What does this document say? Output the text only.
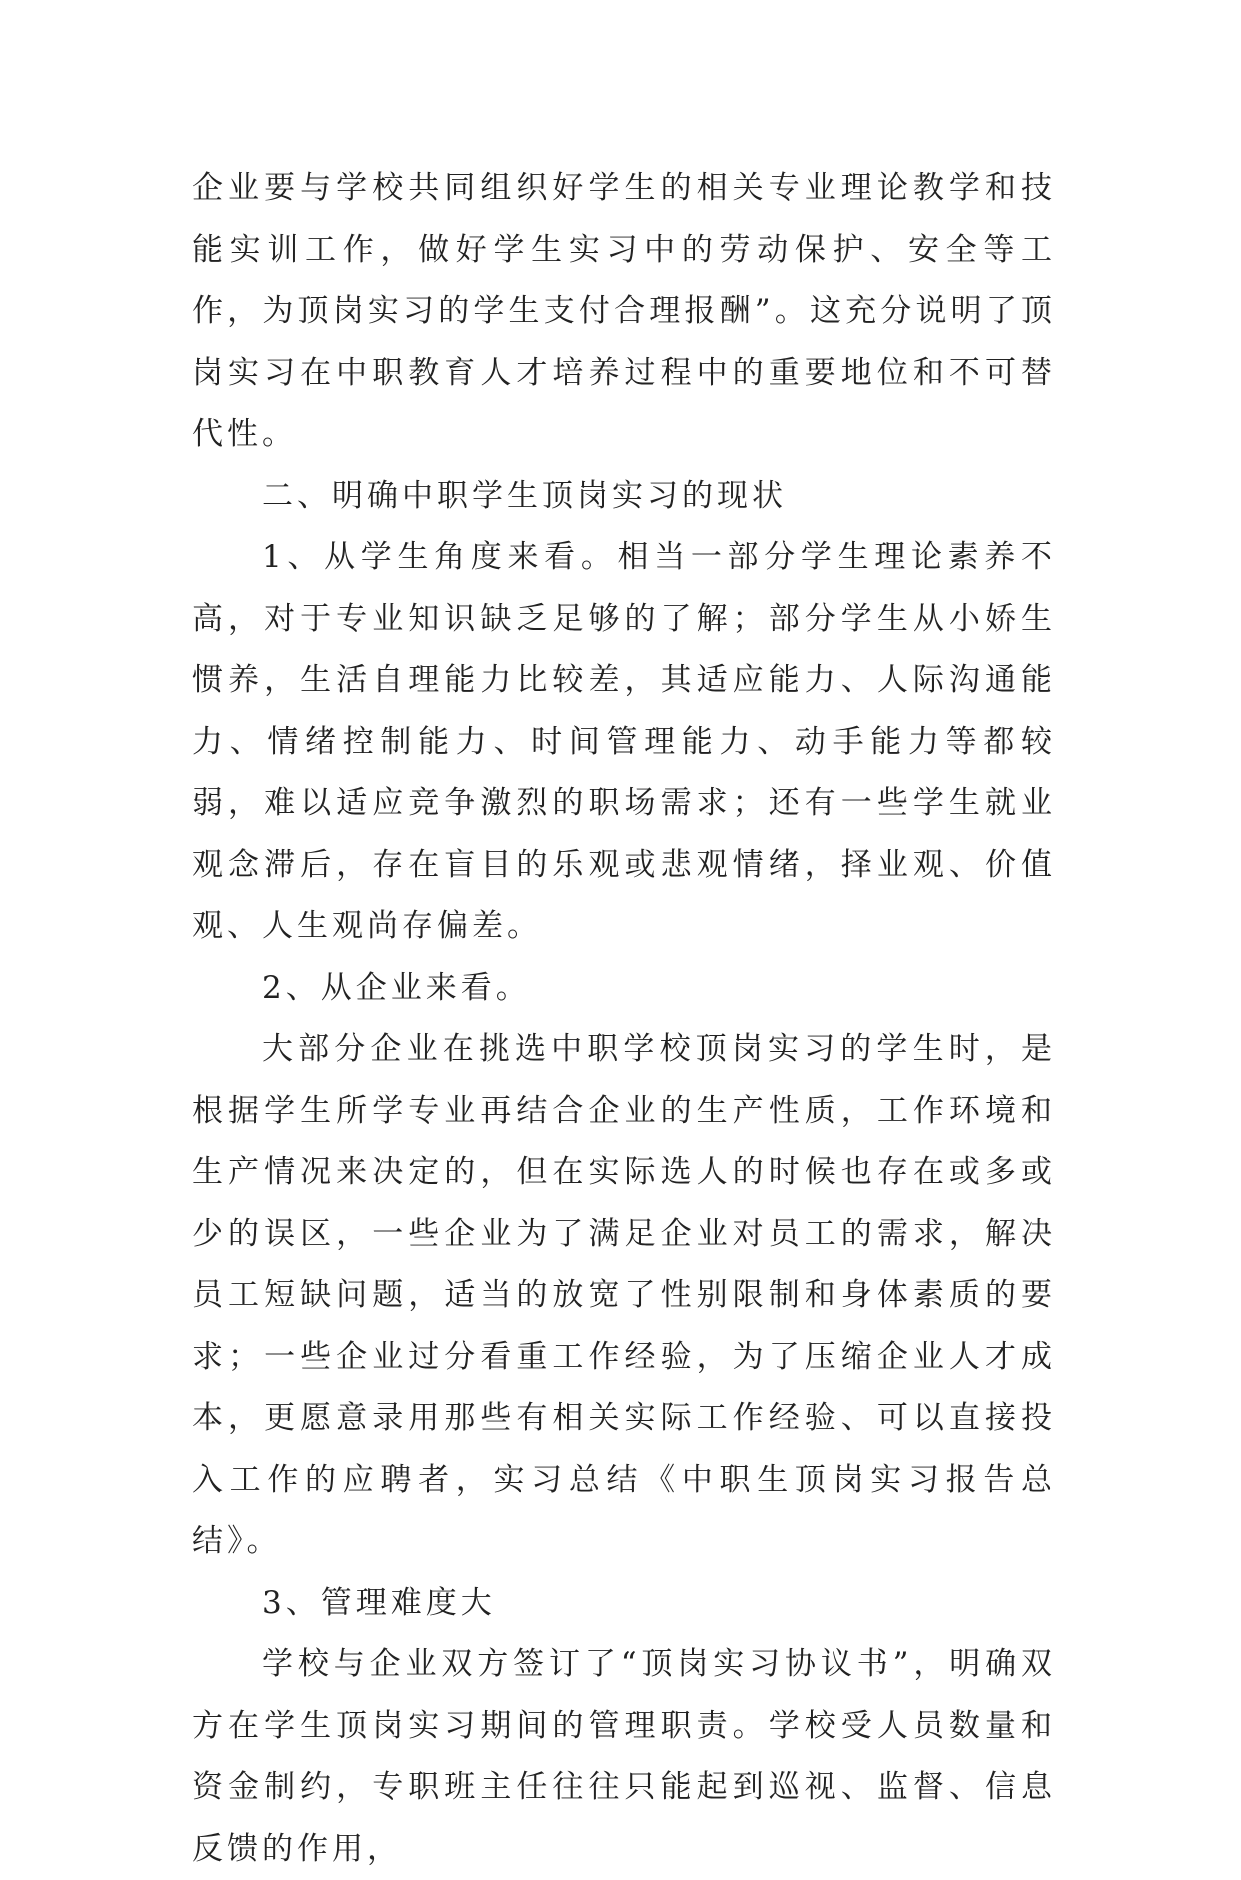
企业要与学校共同组织好学生的相关专业理论教学和技能实训工作，做好学生实习中的劳动保护、安全等工作，为顶岗实习的学生支付合理报酬”。这充分说明了顶岗实习在中职教育人才培养过程中的重要地位和不可替代性。

二、明确中职学生顶岗实习的现状

1、从学生角度来看。相当一部分学生理论素养不高，对于专业知识缺乏足够的了解；部分学生从小娇生惯养，生活自理能力比较差，其适应能力、人际沟通能力、情绪控制能力、时间管理能力、动手能力等都较弱，难以适应竞争激烈的职场需求；还有一些学生就业观念滞后，存在盲目的乐观或悲观情绪，择业观、价值观、人生观尚存偏差。

2、从企业来看。

大部分企业在挑选中职学校顶岗实习的学生时，是根据学生所学专业再结合企业的生产性质，工作环境和生产情况来决定的，但在实际选人的时候也存在或多或少的误区，一些企业为了满足企业对员工的需求，解决员工短缺问题，适当的放宽了性别限制和身体素质的要求；一些企业过分看重工作经验，为了压缩企业人才成本，更愿意录用那些有相关实际工作经验、可以直接投入工作的应聘者，实习总结《中职生顶岗实习报告总结》。

3、管理难度大

学校与企业双方签订了“顶岗实习协议书”，明确双方在学生顶岗实习期间的管理职责。学校受人员数量和资金制约，专职班主任往往只能起到巡视、监督、信息反馈的作用，
